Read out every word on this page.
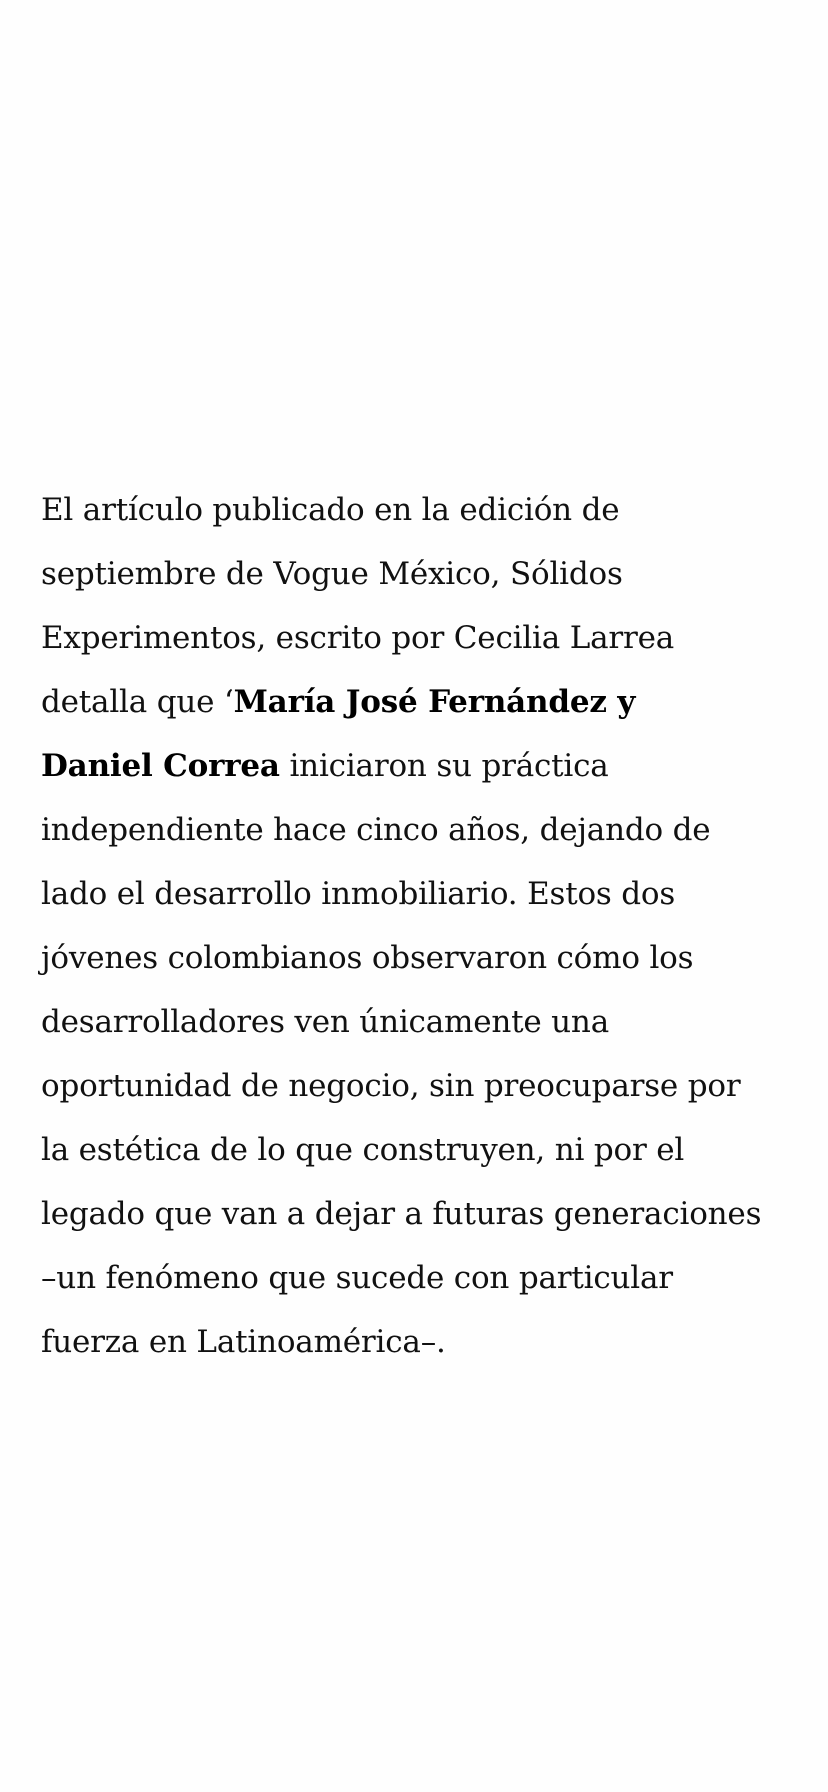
El artículo publicado en la edición de
septiembre de Vogue México, Sólidos
Experimentos, escrito por Cecilia Larrea
detalla que ‘María José Fernández y
Daniel Correa iniciaron su práctica
independiente hace cinco años, dejando de
lado el desarrollo inmobiliario. Estos dos
jóvenes colombianos observaron cómo los
desarrolladores ven únicamente una
oportunidad de negocio, sin preocuparse por
la estética de lo que construyen, ni por el
legado que van a dejar a futuras generaciones
–un fenómeno que sucede con particular
fuerza en Latinoamérica–.
